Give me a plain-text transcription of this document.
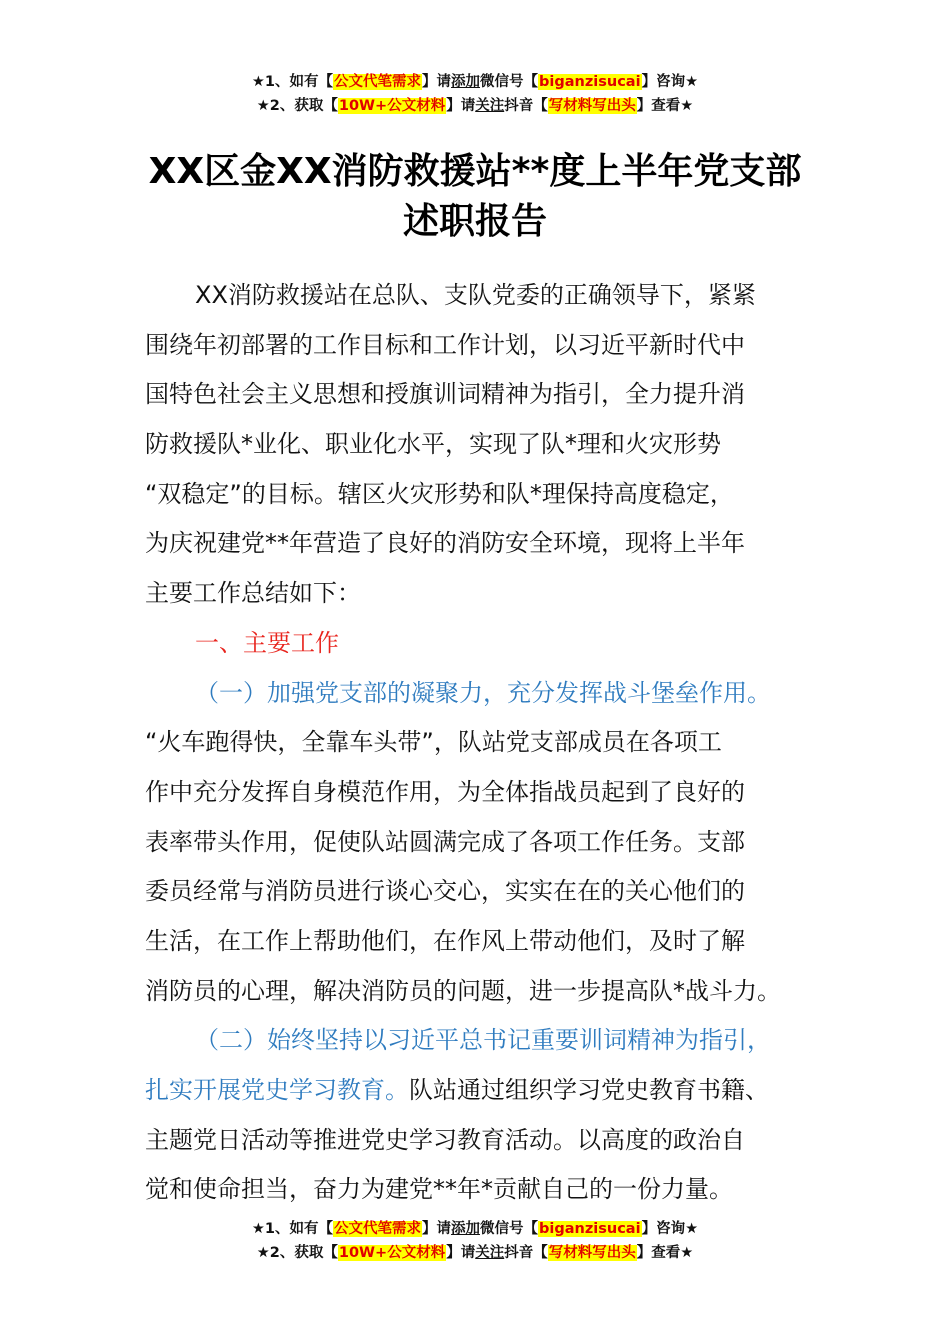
★1、如有【公文代笔需求】请添加微信号【biganzisucai】咨询★
★2、获取【10W+公文材料】请关注抖音【写材料写出头】查看★
XX区金XX消防救援站**度上半年党支部
述职报告
XX消防救援站在总队、支队党委的正确领导下，紧紧
围绕年初部署的工作目标和工作计划，以习近平新时代中
国特色社会主义思想和授旗训词精神为指引，全力提升消
防救援队*业化、职业化水平，实现了队*理和火灾形势
“双稳定”的目标。辖区火灾形势和队*理保持高度稳定，
为庆祝建党**年营造了良好的消防安全环境，现将上半年
主要工作总结如下：
一、主要工作
（一）加强党支部的凝聚力，充分发挥战斗堡垒作用。
“火车跑得快，全靠车头带”，队站党支部成员在各项工
作中充分发挥自身模范作用，为全体指战员起到了良好的
表率带头作用，促使队站圆满完成了各项工作任务。支部
委员经常与消防员进行谈心交心，实实在在的关心他们的
生活，在工作上帮助他们，在作风上带动他们，及时了解
消防员的心理，解决消防员的问题，进一步提高队*战斗力。
（二）始终坚持以习近平总书记重要训词精神为指引，
扎实开展党史学习教育。队站通过组织学习党史教育书籍、
主题党日活动等推进党史学习教育活动。以高度的政治自
觉和使命担当，奋力为建党**年*贡献自己的一份力量。
★1、如有【公文代笔需求】请添加微信号【biganzisucai】咨询★
★2、获取【10W+公文材料】请关注抖音【写材料写出头】查看★
